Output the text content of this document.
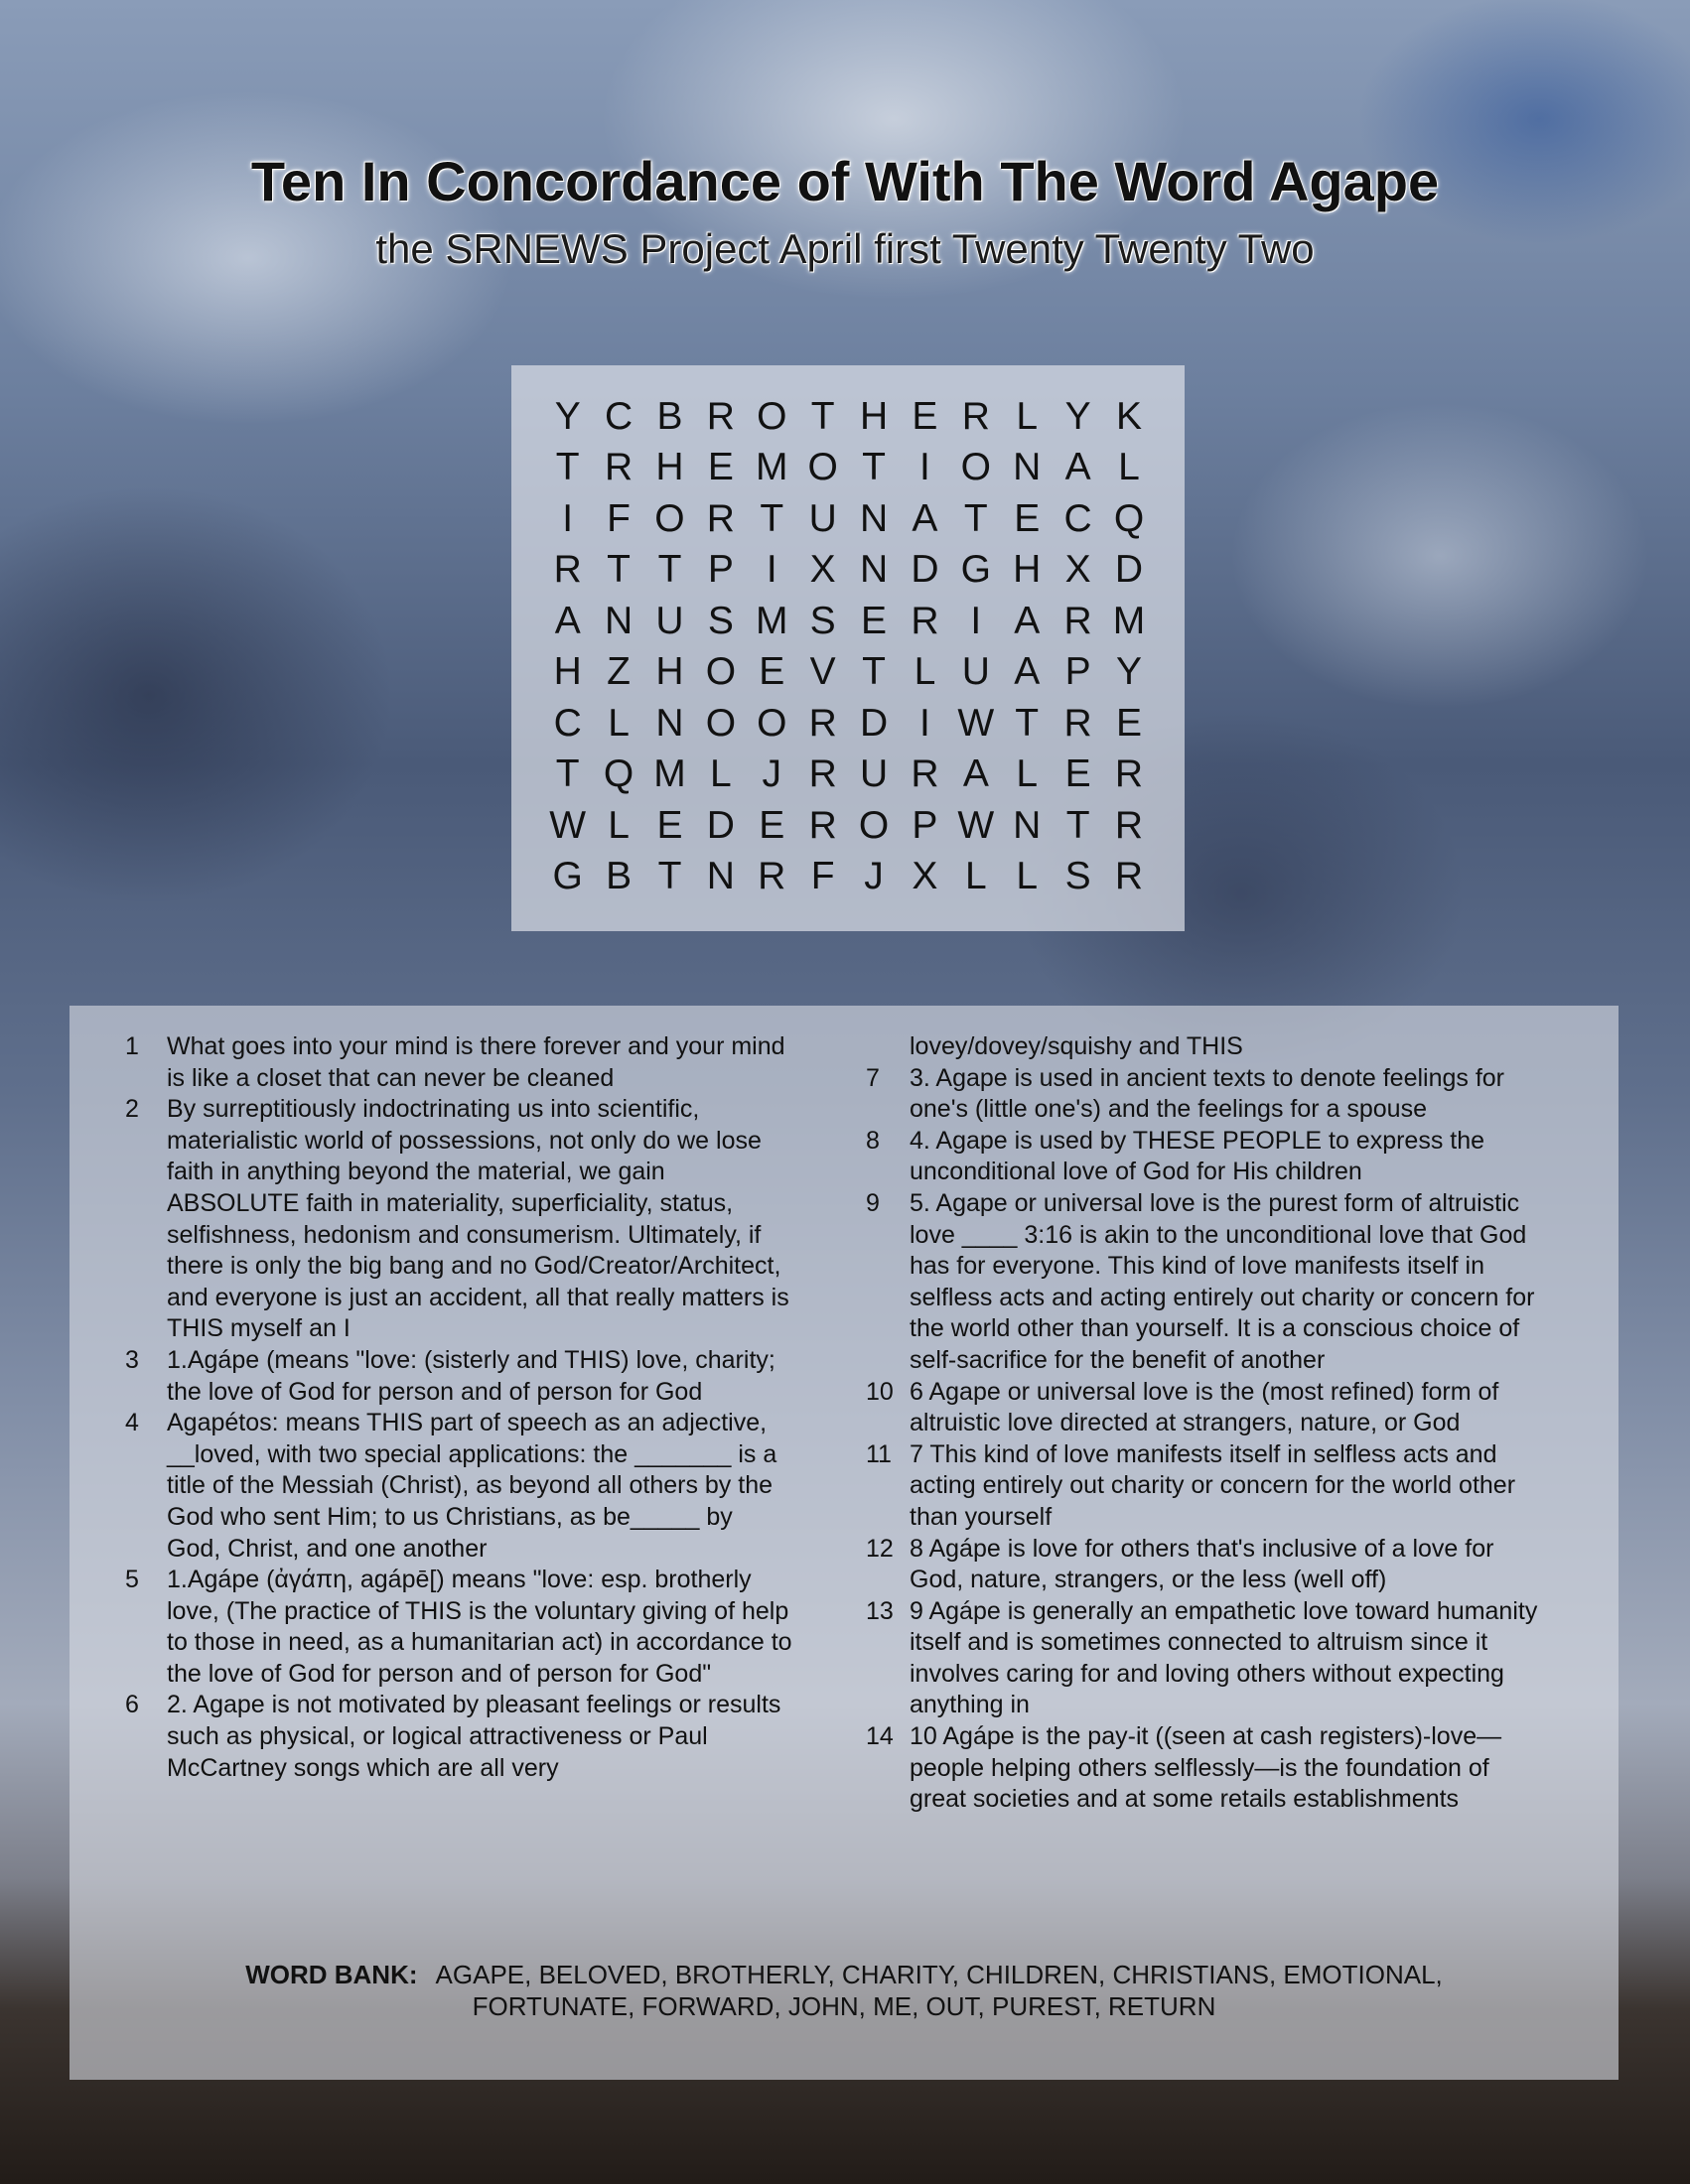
Ten In Concordance of With The Word Agape
the SRNEWS Project April first Twenty Twenty Two
Y C B R O T H E R L Y K
T R H E M O T I O N A L
I F O R T U N A T E C Q
R T T P I X N D G H X D
A N U S M S E R I A R M
H Z H O E V T L U A P Y
C L N O O R D I W T R E
T Q M L J R U R A L E R
W L E D E R O P W N T R
G B T N R F J X L L S R
1	What goes into your mind is there forever and your mind is like a closet that can never be cleaned
2	By surreptitiously indoctrinating us into scientific, materialistic world of possessions, not only do we lose faith in anything beyond the material, we gain ABSOLUTE faith in materiality, superficiality, status, selfishness, hedonism and consumerism. Ultimately, if there is only the big bang and no God/Creator/Architect, and everyone is just an accident, all that really matters is THIS myself an I
3	1.Agápe (means "love: (sisterly and THIS) love, charity; the love of God for person and of person for God
4	Agapétos: means THIS part of speech as an adjective, __loved, with two special applications: the _______ is a title of the Messiah (Christ), as beyond all others by the God who sent Him; to us Christians, as be_____ by God, Christ, and one another
5	1.Agápe (ἀγάπη, agápē[) means "love: esp. brotherly love, (The practice of THIS is the voluntary giving of help to those in need, as a humanitarian act) in accordance to the love of God for person and of person for God"
6	2. Agape is not motivated by pleasant feelings or results such as physical, or logical attractiveness or Paul McCartney songs which are all very
lovey/dovey/squishy and THIS
7	3. Agape is used in ancient texts to denote feelings for one's (little one's) and the feelings for a spouse
8	4. Agape is used by THESE PEOPLE to express the unconditional love of God for His children
9	5. Agape or universal love is the purest form of altruistic love ____ 3:16 is akin to the unconditional love that God has for everyone. This kind of love manifests itself in selfless acts and acting entirely out charity or concern for the world other than yourself. It is a conscious choice of self-sacrifice for the benefit of another
10 6 Agape or universal love is the (most refined) form of altruistic love directed at strangers, nature, or God
11 7 This kind of love manifests itself in selfless acts and acting entirely out charity or concern for the world other than yourself
12 8 Agápe is love for others that's inclusive of a love for God, nature, strangers, or the less (well off)
13 9 Agápe is generally an empathetic love toward humanity itself and is sometimes connected to altruism since it involves caring for and loving others without expecting anything in
14 10 Agápe is the pay-it ((seen at cash registers)-love—people helping others selflessly—is the foundation of great societies and at some retails establishments
WORD BANK: AGAPE, BELOVED, BROTHERLY, CHARITY, CHILDREN, CHRISTIANS, EMOTIONAL,
FORTUNATE, FORWARD, JOHN, ME, OUT, PUREST, RETURN
